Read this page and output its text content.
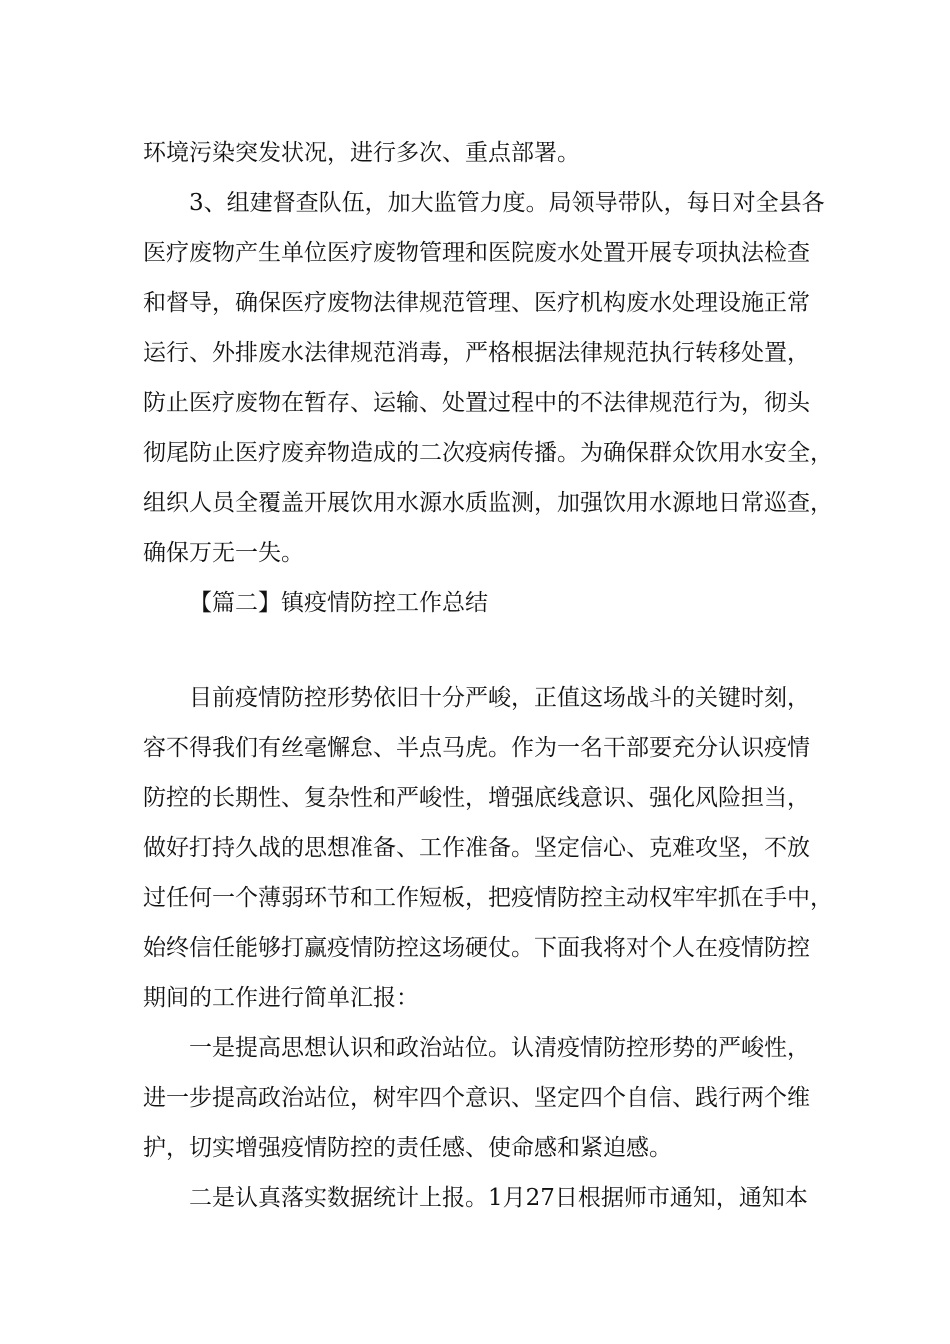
环境污染突发状况，进行多次、重点部署。
3、组建督查队伍，加大监管力度。局领导带队，每日对全县各
医疗废物产生单位医疗废物管理和医院废水处置开展专项执法检查
和督导，确保医疗废物法律规范管理、医疗机构废水处理设施正常
运行、外排废水法律规范消毒，严格根据法律规范执行转移处置，
防止医疗废物在暂存、运输、处置过程中的不法律规范行为，彻头
彻尾防止医疗废弃物造成的二次疫病传播。为确保群众饮用水安全，
组织人员全覆盖开展饮用水源水质监测，加强饮用水源地日常巡查，
确保万无一失。
【篇二】镇疫情防控工作总结
目前疫情防控形势依旧十分严峻，正值这场战斗的关键时刻，
容不得我们有丝毫懈怠、半点马虎。作为一名干部要充分认识疫情
防控的长期性、复杂性和严峻性，增强底线意识、强化风险担当，
做好打持久战的思想准备、工作准备。坚定信心、克难攻坚，不放
过任何一个薄弱环节和工作短板，把疫情防控主动权牢牢抓在手中，
始终信任能够打赢疫情防控这场硬仗。下面我将对个人在疫情防控
期间的工作进行简单汇报：
一是提高思想认识和政治站位。认清疫情防控形势的严峻性，
进一步提高政治站位，树牢四个意识、坚定四个自信、践行两个维
护，切实增强疫情防控的责任感、使命感和紧迫感。
二是认真落实数据统计上报。1月27日根据师市通知，通知本
